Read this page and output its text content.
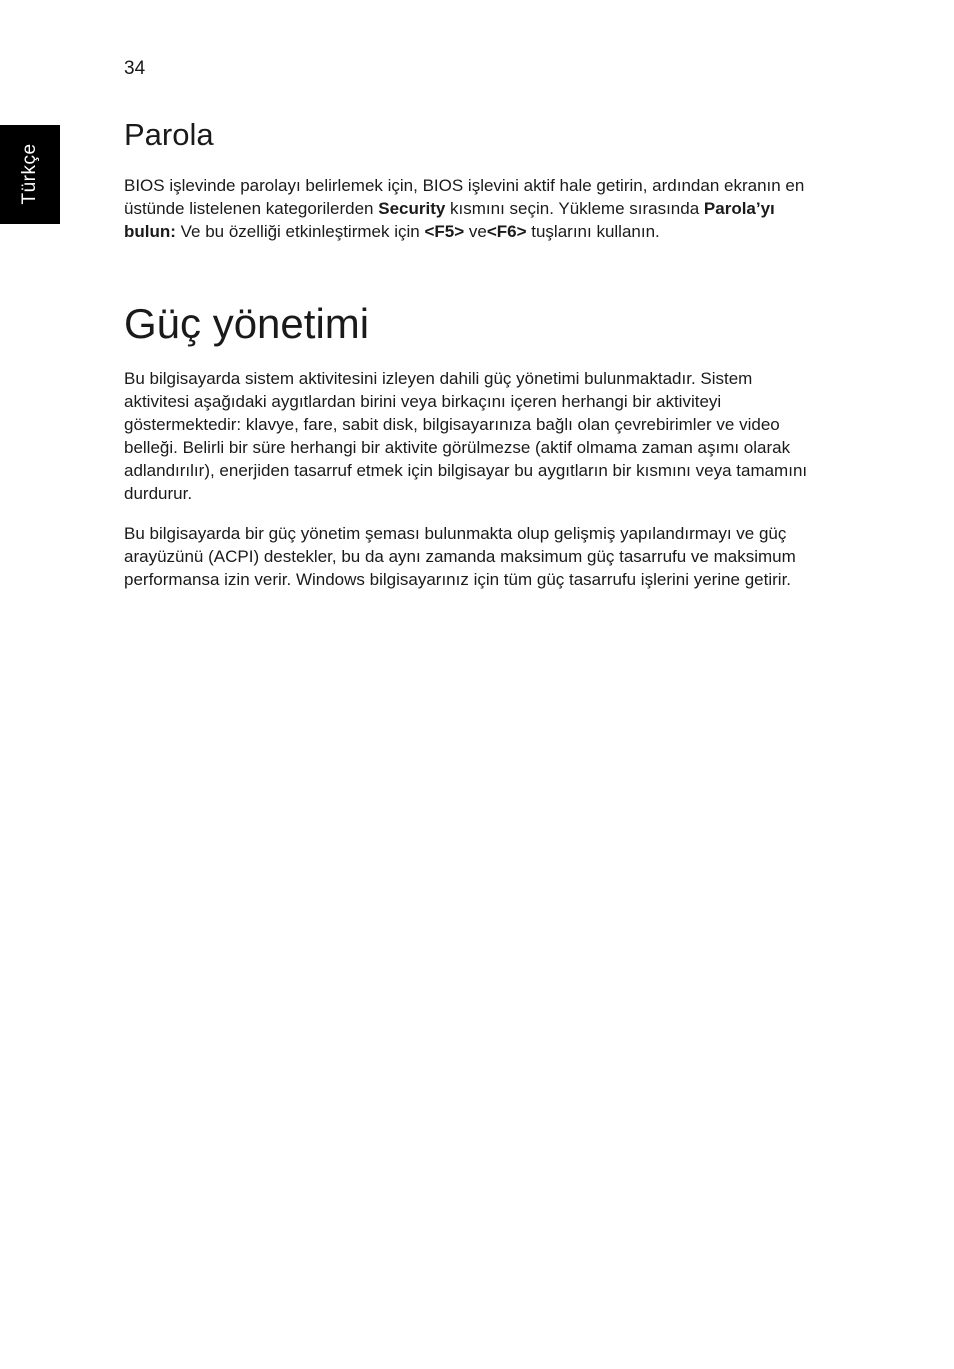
34
Türkçe
Parola

BIOS işlevinde parolayı belirlemek için, BIOS işlevini aktif hale getirin, ardından ekranın en üstünde listelenen kategorilerden Security kısmını seçin. Yükleme sırasında Parola’yı bulun: Ve bu özelliği etkinleştirmek için <F5> ve<F6> tuşlarını kullanın.

Güç yönetimi

Bu bilgisayarda sistem aktivitesini izleyen dahili güç yönetimi bulunmaktadır. Sistem aktivitesi aşağıdaki aygıtlardan birini veya birkaçını içeren herhangi bir aktiviteyi göstermektedir: klavye, fare, sabit disk, bilgisayarınıza bağlı olan çevrebirimler ve video belleği. Belirli bir süre herhangi bir aktivite görülmezse (aktif olmama zaman aşımı olarak adlandırılır), enerjiden tasarruf etmek için bilgisayar bu aygıtların bir kısmını veya tamamını durdurur.

Bu bilgisayarda bir güç yönetim şeması bulunmakta olup gelişmiş yapılandırmayı ve güç arayüzünü (ACPI) destekler, bu da aynı zamanda maksimum güç tasarrufu ve maksimum performansa izin verir. Windows bilgisayarınız için tüm güç tasarrufu işlerini yerine getirir.
